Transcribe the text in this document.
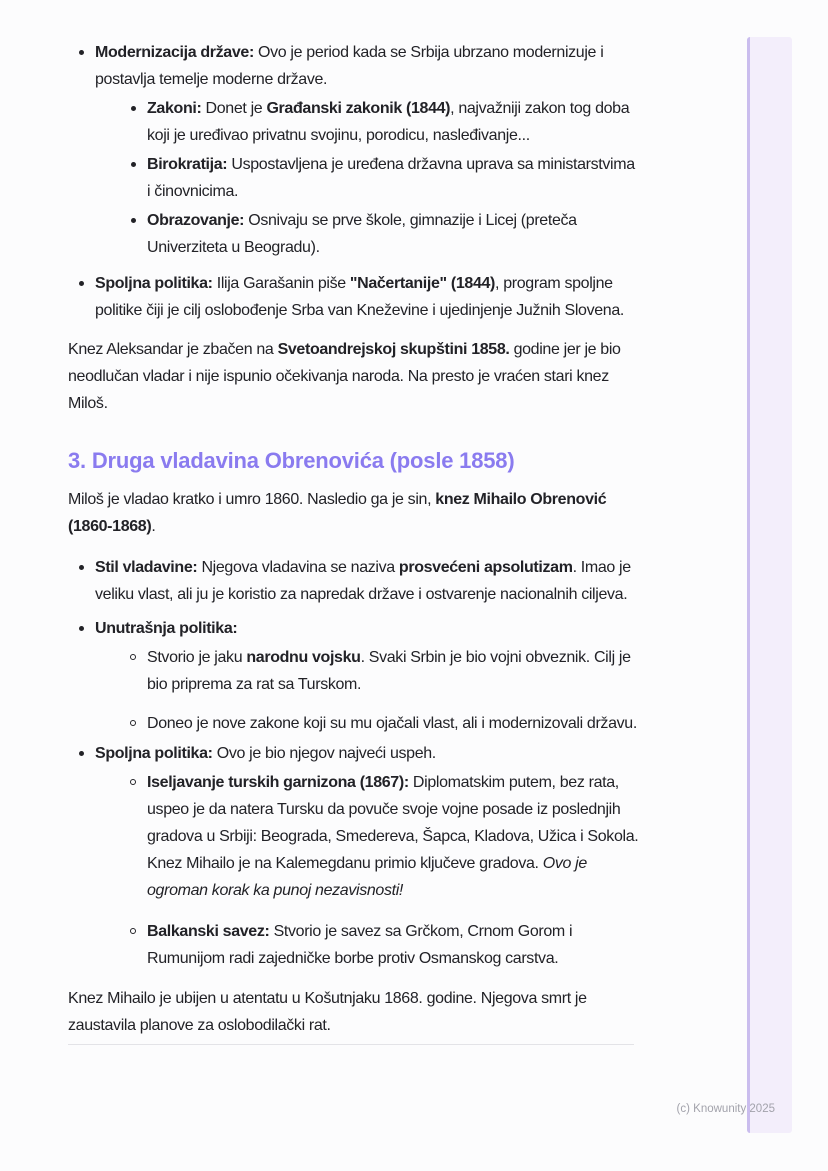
Modernizacija države: Ovo je period kada se Srbija ubrzano modernizuje i postavlja temelje moderne države.
Zakoni: Donet je Građanski zakonik (1844), najvažniji zakon tog doba koji je uređivao privatnu svojinu, porodicu, nasleđivanje...
Birokratija: Uspostavljena je uređena državna uprava sa ministarstvima i činovnicima.
Obrazovanje: Osnivaju se prve škole, gimnazije i Licej (preteča Univerziteta u Beogradu).
Spoljna politika: Ilija Garašanin piše "Načertanije" (1844), program spoljne politike čiji je cilj oslobođenje Srba van Kneževine i ujedinjenje Južnih Slovena.

Knez Aleksandar je zbačen na Svetoandrejskoj skupštini 1858. godine jer je bio neodlučan vladar i nije ispunio očekivanja naroda. Na presto je vraćen stari knez Miloš.

3. Druga vladavina Obrenovića (posle 1858)

Miloš je vladao kratko i umro 1860. Nasledio ga je sin, knez Mihailo Obrenović (1860-1868).

Stil vladavine: Njegova vladavina se naziva prosvećeni apsolutizam. Imao je veliku vlast, ali ju je koristio za napredak države i ostvarenje nacionalnih ciljeva.
Unutrašnja politika:
Stvorio je jaku narodnu vojsku. Svaki Srbin je bio vojni obveznik. Cilj je bio priprema za rat sa Turskom.
Doneo je nove zakone koji su mu ojačali vlast, ali i modernizovali državu.
Spoljna politika: Ovo je bio njegov najveći uspeh.
Iseljavanje turskih garnizona (1867): Diplomatskim putem, bez rata, uspeo je da natera Tursku da povuče svoje vojne posade iz poslednjih gradova u Srbiji: Beograda, Smedereva, Šapca, Kladova, Užica i Sokola. Knez Mihailo je na Kalemegdanu primio ključeve gradova. Ovo je ogroman korak ka punoj nezavisnosti!
Balkanski savez: Stvorio je savez sa Grčkom, Crnom Gorom i Rumunijom radi zajedničke borbe protiv Osmanskog carstva.

Knez Mihailo je ubijen u atentatu u Košutnjaku 1868. godine. Njegova smrt je zaustavila planove za oslobodilački rat.

(c) Knowunity 2025
